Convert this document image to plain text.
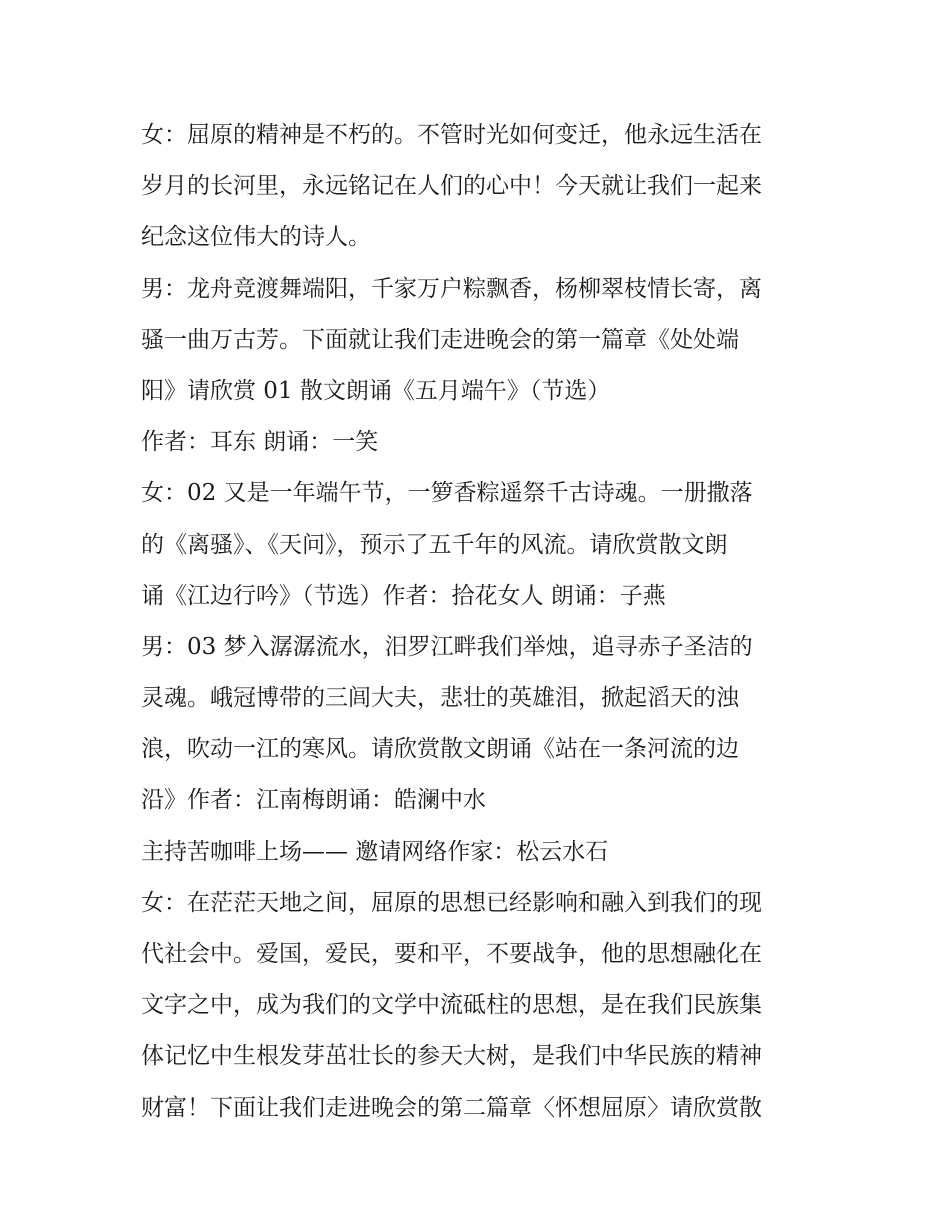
女：屈原的精神是不朽的。不管时光如何变迁，他永远生活在
岁月的长河里，永远铭记在人们的心中！今天就让我们一起来
纪念这位伟大的诗人。
男：龙舟竞渡舞端阳，千家万户粽飘香，杨柳翠枝情长寄，离
骚一曲万古芳。下面就让我们走进晚会的第一篇章《处处端
阳》请欣赏 01 散文朗诵《五月端午》（节选）
作者：耳东 朗诵：一笑
女：02 又是一年端午节，一箩香粽遥祭千古诗魂。一册撒落
的《离骚》、《天问》，预示了五千年的风流。请欣赏散文朗
诵《江边行吟》（节选）作者：拾花女人 朗诵：子燕
男：03 梦入潺潺流水，汨罗江畔我们举烛，追寻赤子圣洁的
灵魂。峨冠博带的三闾大夫，悲壮的英雄泪，掀起滔天的浊
浪，吹动一江的寒风。请欣赏散文朗诵《站在一条河流的边
沿》作者：江南梅朗诵：皓澜中水
主持苦咖啡上场—— 邀请网络作家：松云水石
女：在茫茫天地之间，屈原的思想已经影响和融入到我们的现
代社会中。爱国，爱民，要和平，不要战争，他的思想融化在
文字之中，成为我们的文学中流砥柱的思想，是在我们民族集
体记忆中生根发芽茁壮长的参天大树，是我们中华民族的精神
财富！下面让我们走进晚会的第二篇章〈怀想屈原〉请欣赏散
